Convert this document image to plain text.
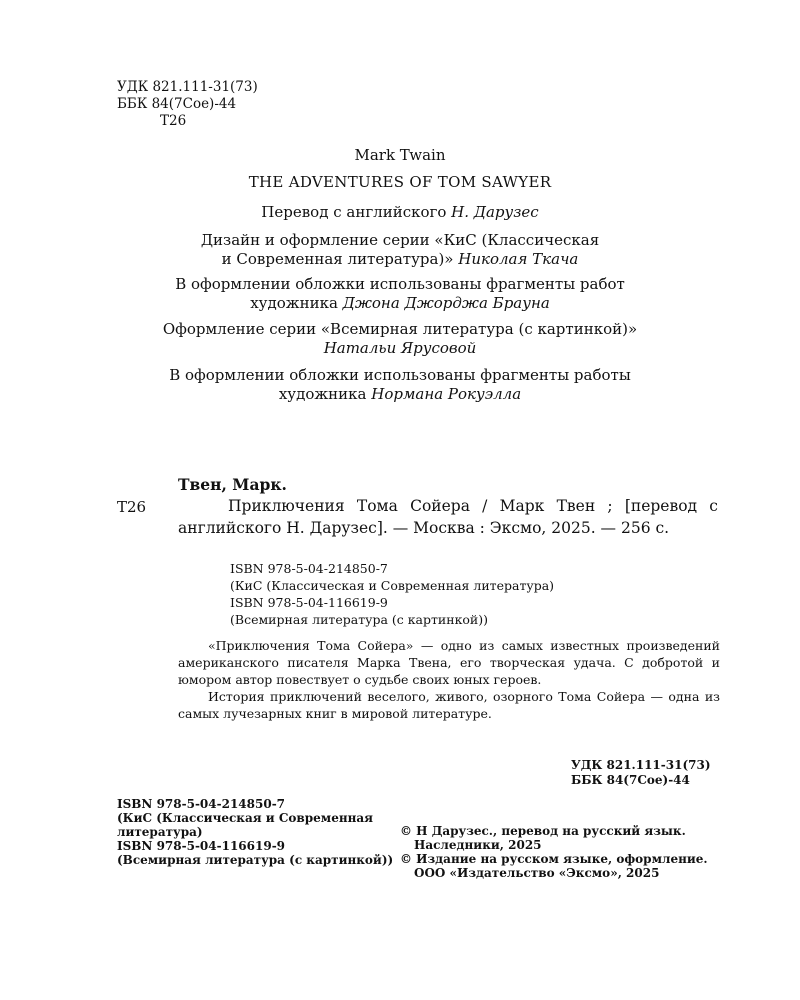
УДК 821.111-31(73)
ББК 84(7Сое)-44
Т26
Mark Twain
THE ADVENTURES OF TOM SAWYER
Перевод с английского Н. Дарузес
Дизайн и оформление серии «КиС (Классическая
и Современная литература)» Николая Ткача
В оформлении обложки использованы фрагменты работ
художника Джона Джорджа Брауна
Оформление серии «Всемирная литература (с картинкой)»
Натальи Ярусовой
В оформлении обложки использованы фрагменты работы
художника Нормана Рокуэлла
Твен, Марк.
Т26	Приключения Тома Сойера / Марк Твен ; [перевод с английского Н. Дарузес]. — Москва : Эксмо, 2025. — 256 с.
ISBN 978-5-04-214850-7
(КиС (Классическая и Современная литература)
ISBN 978-5-04-116619-9
(Всемирная литература (с картинкой))

«Приключения Тома Сойера» — одно из самых известных произведений американского писателя Марка Твена, его творческая удача. С добротой и юмором автор повествует о судьбе своих юных героев.

История приключений веселого, живого, озорного Тома Сойера — одна из самых лучезарных книг в мировой литературе.

УДК 821.111-31(73)
ББК 84(7Сое)-44
ISBN 978-5-04-214850-7
(КиС (Классическая и Современная литература)
ISBN 978-5-04-116619-9
(Всемирная литература (с картинкой))
© Н Дарузес., перевод на русский язык.
Наследники, 2025
© Издание на русском языке, оформление.
ООО «Издательство «Эксмо», 2025
